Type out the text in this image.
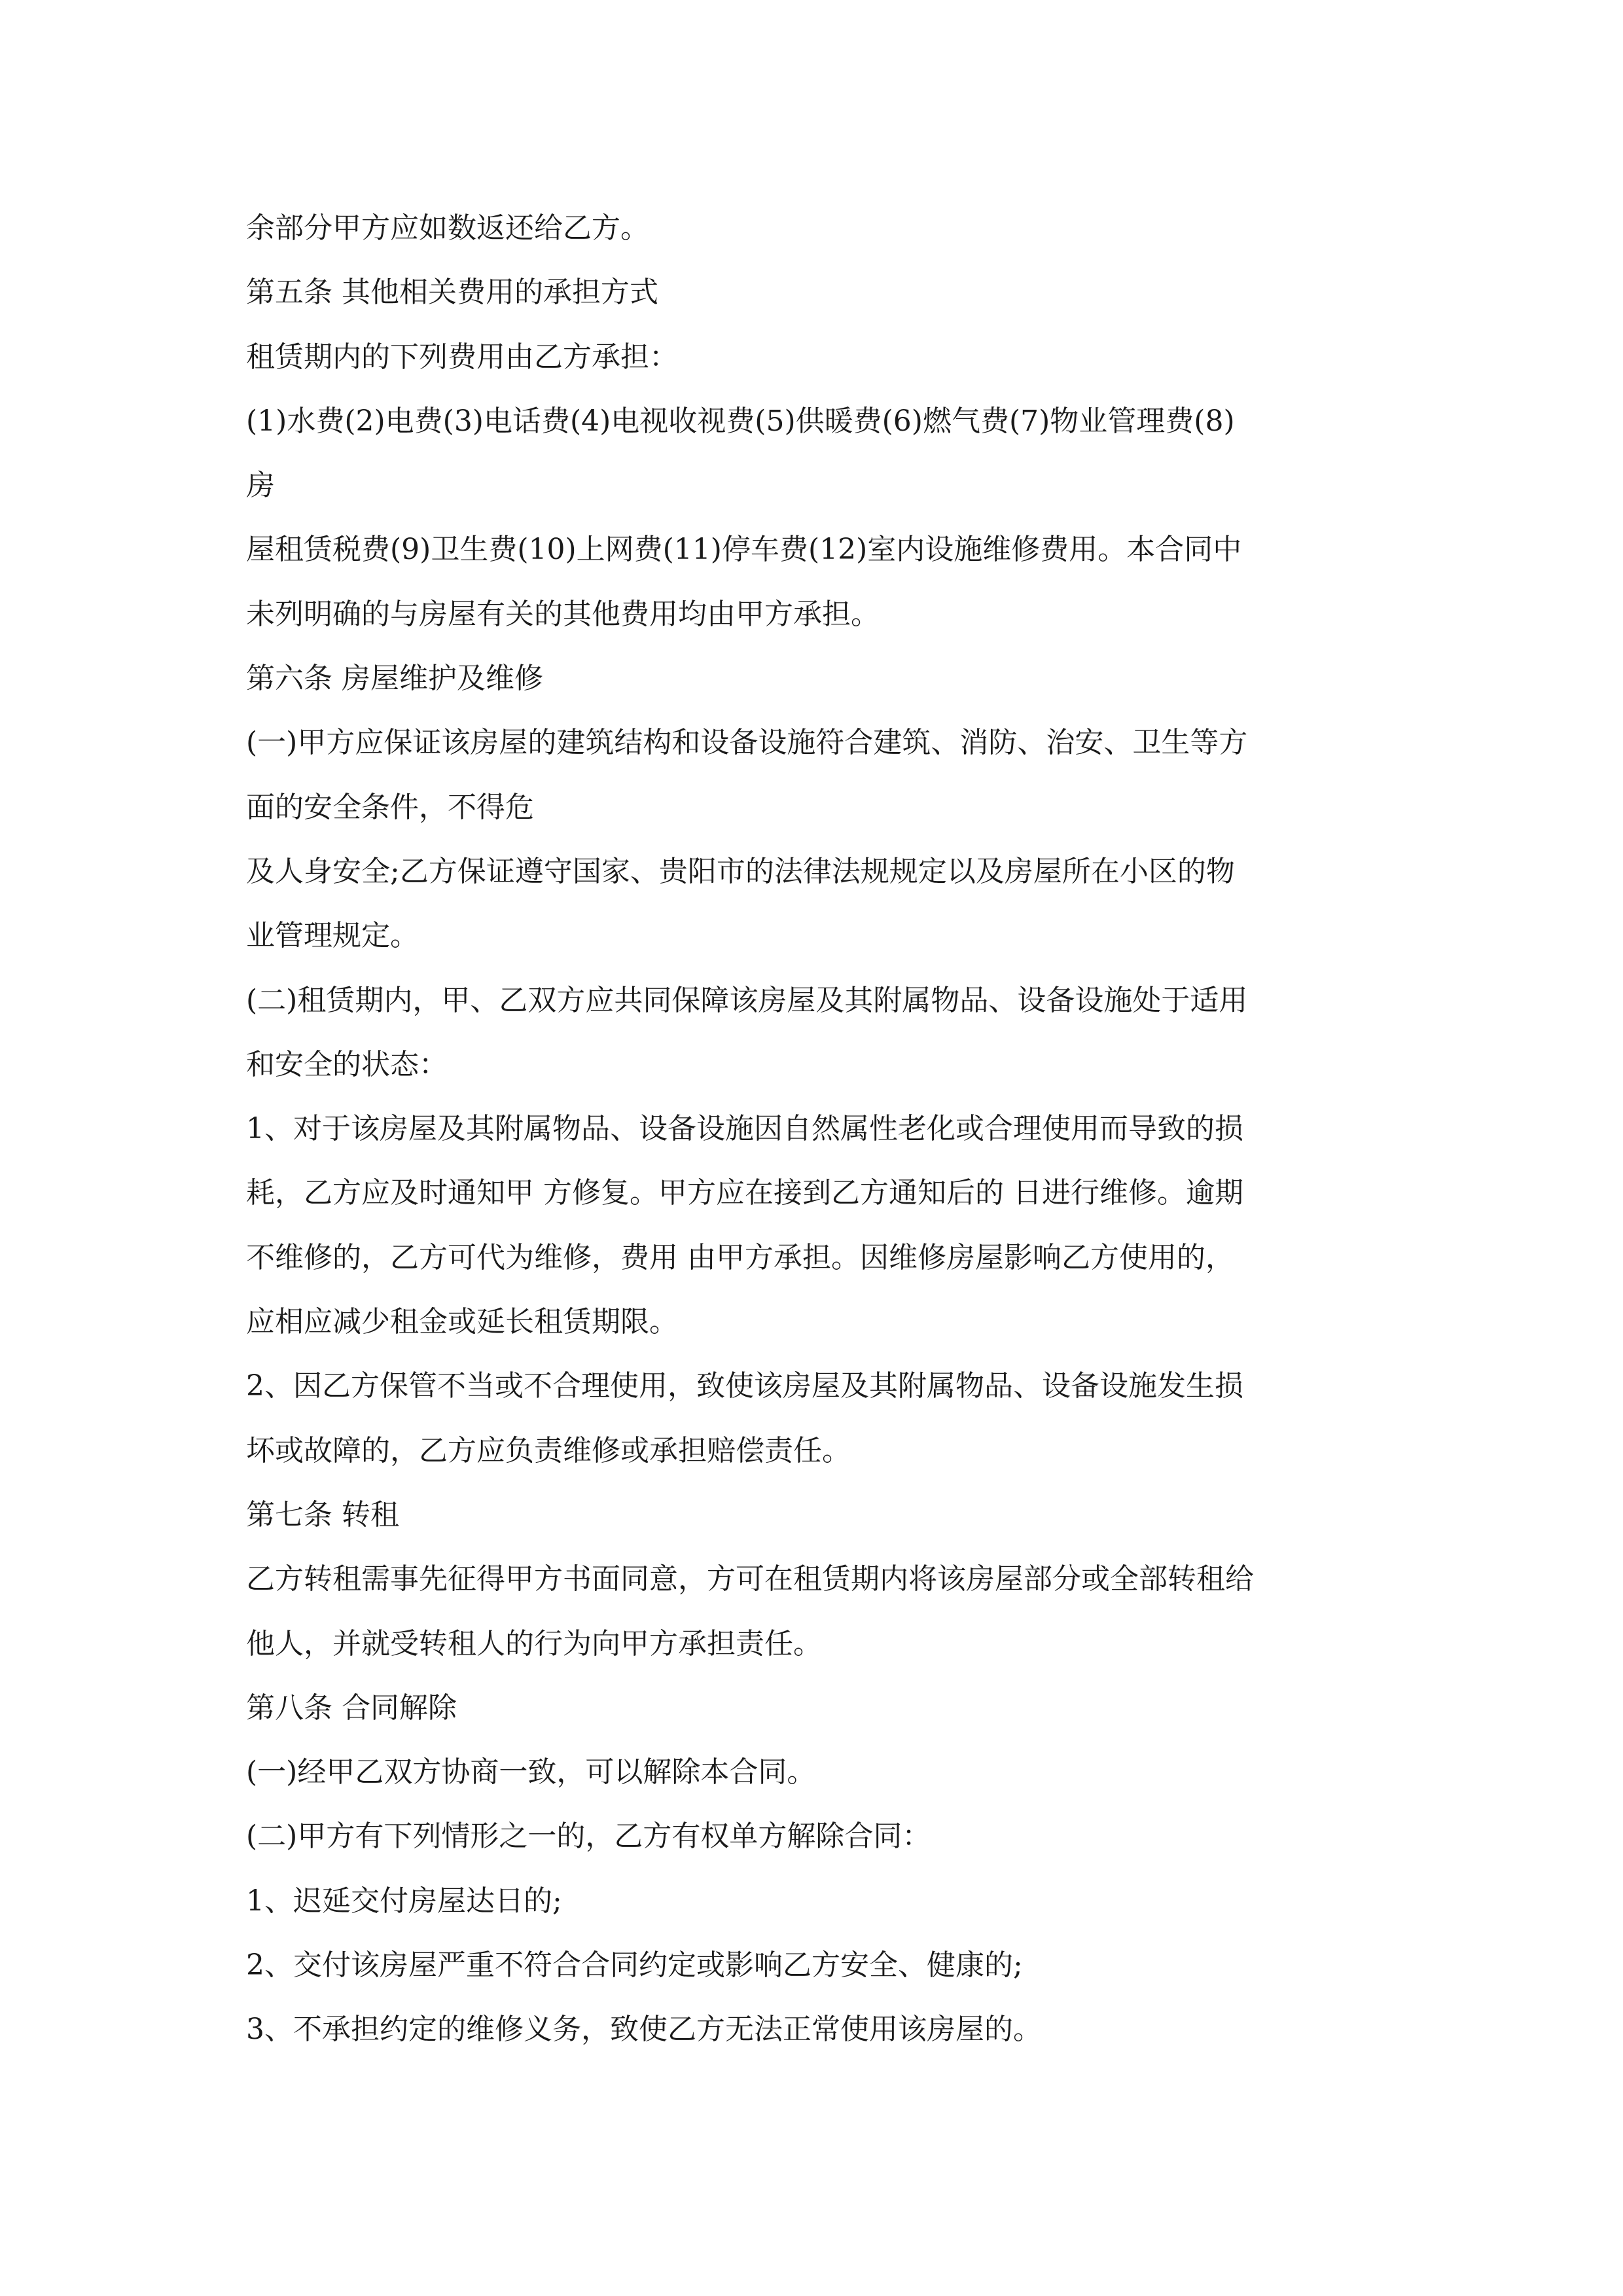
余部分甲方应如数返还给乙方。
第五条 其他相关费用的承担方式
租赁期内的下列费用由乙方承担：
(1)水费(2)电费(3)电话费(4)电视收视费(5)供暖费(6)燃气费(7)物业管理费(8)
房
屋租赁税费(9)卫生费(10)上网费(11)停车费(12)室内设施维修费用。本合同中
未列明确的与房屋有关的其他费用均由甲方承担。
第六条 房屋维护及维修
(一)甲方应保证该房屋的建筑结构和设备设施符合建筑、消防、治安、卫生等方
面的安全条件，不得危
及人身安全;乙方保证遵守国家、贵阳市的法律法规规定以及房屋所在小区的物
业管理规定。
(二)租赁期内，甲、乙双方应共同保障该房屋及其附属物品、设备设施处于适用
和安全的状态：
1、对于该房屋及其附属物品、设备设施因自然属性老化或合理使用而导致的损
耗，乙方应及时通知甲 方修复。甲方应在接到乙方通知后的 日进行维修。逾期
不维修的，乙方可代为维修，费用 由甲方承担。因维修房屋影响乙方使用的，
应相应减少租金或延长租赁期限。
2、因乙方保管不当或不合理使用，致使该房屋及其附属物品、设备设施发生损
坏或故障的，乙方应负责维修或承担赔偿责任。
第七条 转租
乙方转租需事先征得甲方书面同意，方可在租赁期内将该房屋部分或全部转租给
他人，并就受转租人的行为向甲方承担责任。
第八条 合同解除
(一)经甲乙双方协商一致，可以解除本合同。
(二)甲方有下列情形之一的，乙方有权单方解除合同：
1、迟延交付房屋达日的;
2、交付该房屋严重不符合合同约定或影响乙方安全、健康的;
3、不承担约定的维修义务，致使乙方无法正常使用该房屋的。
